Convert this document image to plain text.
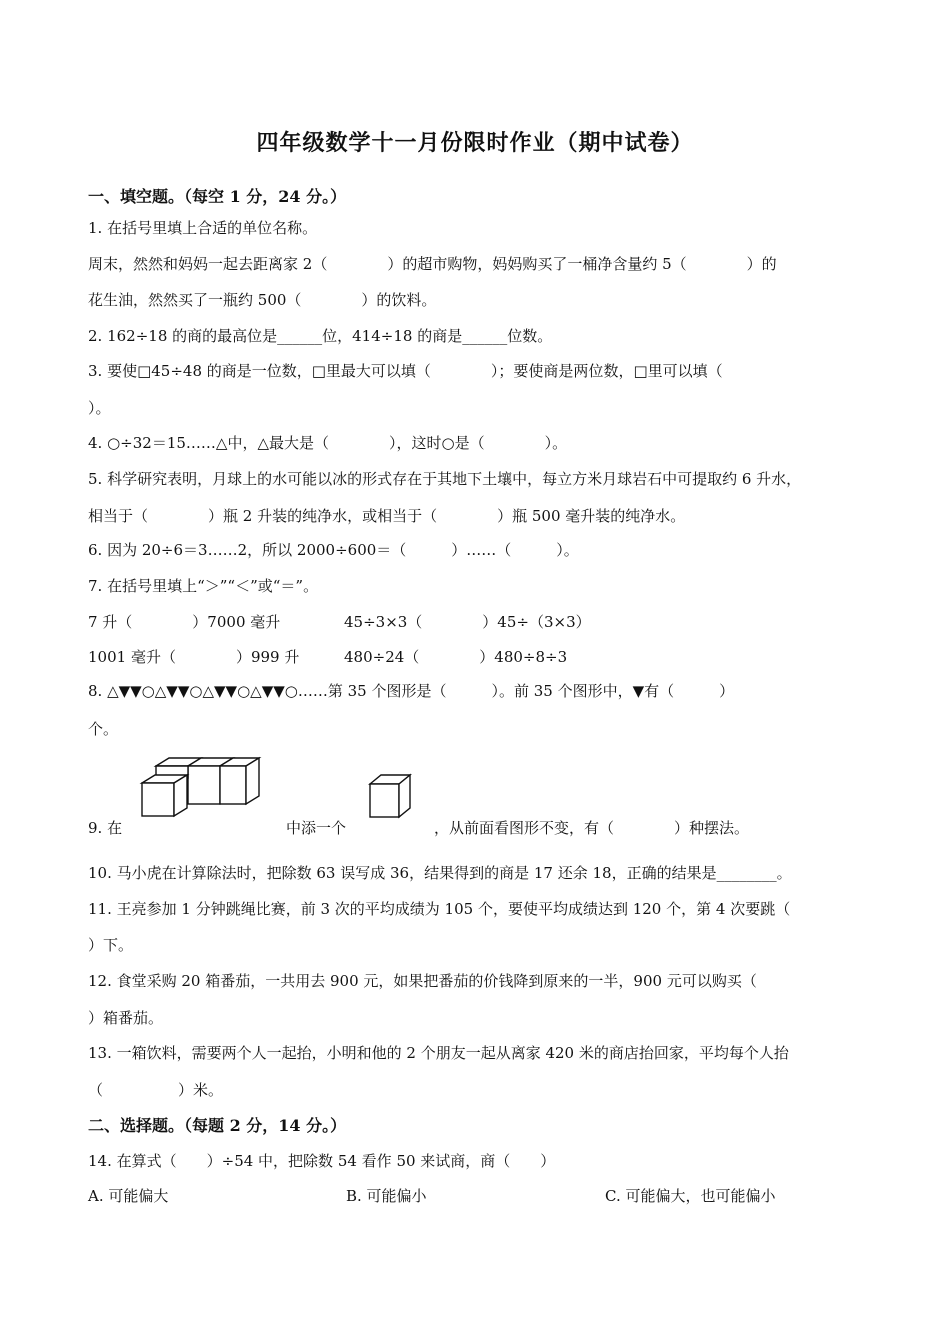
四年级数学十一月份限时作业（期中试卷）
一、填空题。（每空 1 分，24 分。）
1. 在括号里填上合适的单位名称。
周末，然然和妈妈一起去距离家 2（　　　　）的超市购物，妈妈购买了一桶净含量约 5（　　　　）的
花生油，然然买了一瓶约 500（　　　　）的饮料。
2. 162÷18 的商的最高位是______位，414÷18 的商是______位数。
3. 要使□45÷48 的商是一位数，□里最大可以填（　　　　）；要使商是两位数，□里可以填（
）。
4. ○÷32＝15……△中，△最大是（　　　　），这时○是（　　　　）。
5. 科学研究表明，月球上的水可能以冰的形式存在于其地下土壤中，每立方米月球岩石中可提取约 6 升水，
相当于（　　　　）瓶 2 升装的纯净水，或相当于（　　　　）瓶 500 毫升装的纯净水。
6. 因为 20÷6＝3……2，所以 2000÷600＝（　　　）……（　　　）。
7. 在括号里填上“＞”“＜”或“＝”。
7 升（　　　　）7000 毫升	45÷3×3（　　　　）45÷（3×3）
1001 毫升（　　　　）999 升	480÷24（　　　　）480÷8÷3
8. △▼▼○△▼▼○△▼▼○△▼▼○……第 35 个图形是（　　　）。前 35 个图形中，▼有（　　　）
个。
9. 在	中添一个	，从前面看图形不变，有（　　　　）种摆法。
10. 马小虎在计算除法时，把除数 63 误写成 36，结果得到的商是 17 还余 18，正确的结果是________。
11. 王亮参加 1 分钟跳绳比赛，前 3 次的平均成绩为 105 个，要使平均成绩达到 120 个，第 4 次要跳（
）下。
12. 食堂采购 20 箱番茄，一共用去 900 元，如果把番茄的价钱降到原来的一半，900 元可以购买（
）箱番茄。
13. 一箱饮料，需要两个人一起抬，小明和他的 2 个朋友一起从离家 420 米的商店抬回家，平均每个人抬
（　　　　　）米。
二、选择题。（每题 2 分，14 分。）
14. 在算式（　　）÷54 中，把除数 54 看作 50 来试商，商（　　）
A. 可能偏大	B. 可能偏小	C. 可能偏大，也可能偏小
